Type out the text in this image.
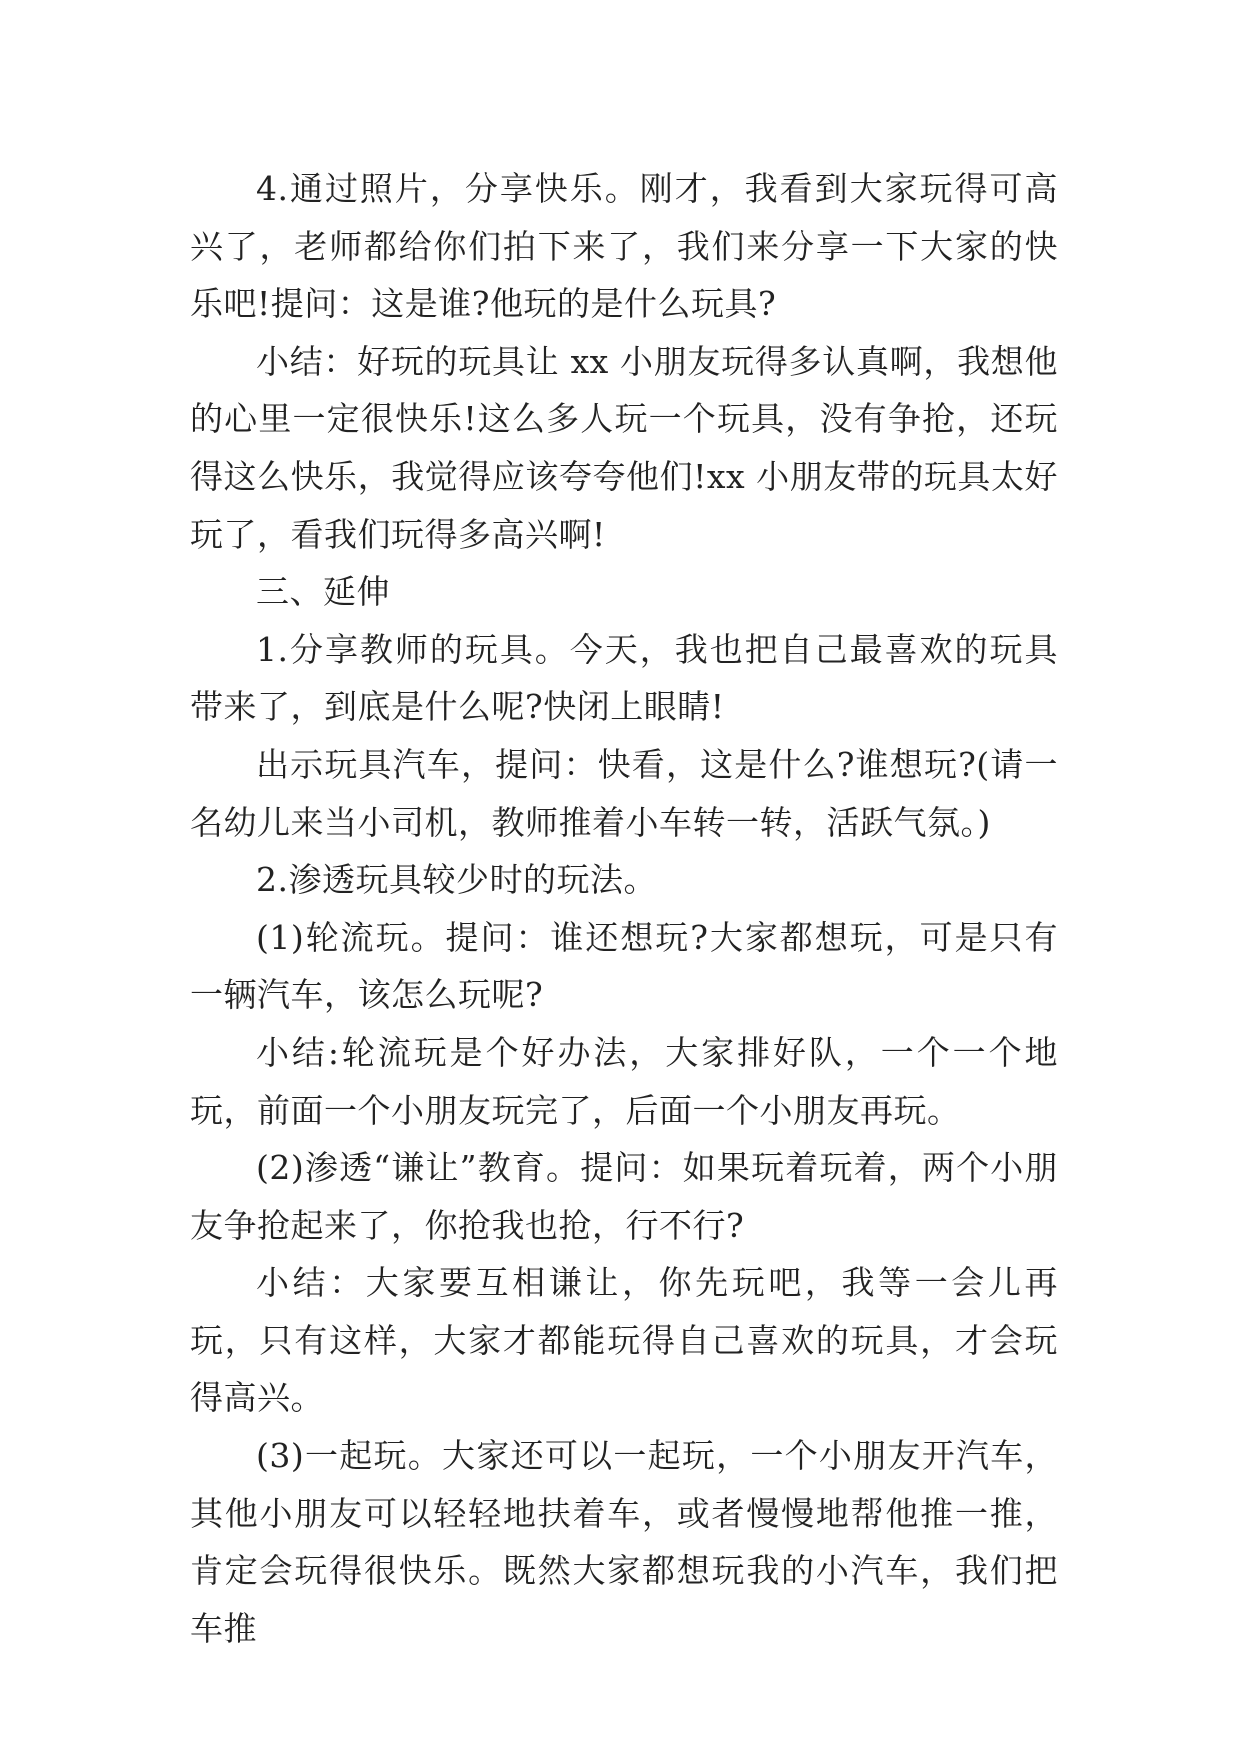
4.通过照片，分享快乐。刚才，我看到大家玩得可高兴了，老师都给你们拍下来了，我们来分享一下大家的快乐吧!提问：这是谁?他玩的是什么玩具?

小结：好玩的玩具让 xx 小朋友玩得多认真啊，我想他的心里一定很快乐!这么多人玩一个玩具，没有争抢，还玩得这么快乐，我觉得应该夸夸他们!xx 小朋友带的玩具太好玩了，看我们玩得多高兴啊!

三、延伸

1.分享教师的玩具。今天，我也把自己最喜欢的玩具带来了，到底是什么呢?快闭上眼睛!

出示玩具汽车，提问：快看，这是什么?谁想玩?(请一名幼儿来当小司机，教师推着小车转一转，活跃气氛。)

2.渗透玩具较少时的玩法。

(1)轮流玩。提问：谁还想玩?大家都想玩，可是只有一辆汽车，该怎么玩呢?

小结:轮流玩是个好办法，大家排好队，一个一个地玩，前面一个小朋友玩完了，后面一个小朋友再玩。

(2)渗透“谦让”教育。提问：如果玩着玩着，两个小朋友争抢起来了，你抢我也抢，行不行?

小结：大家要互相谦让，你先玩吧，我等一会儿再玩，只有这样，大家才都能玩得自己喜欢的玩具，才会玩得高兴。

(3)一起玩。大家还可以一起玩，一个小朋友开汽车，其他小朋友可以轻轻地扶着车，或者慢慢地帮他推一推，肯定会玩得很快乐。既然大家都想玩我的小汽车，我们把车推
